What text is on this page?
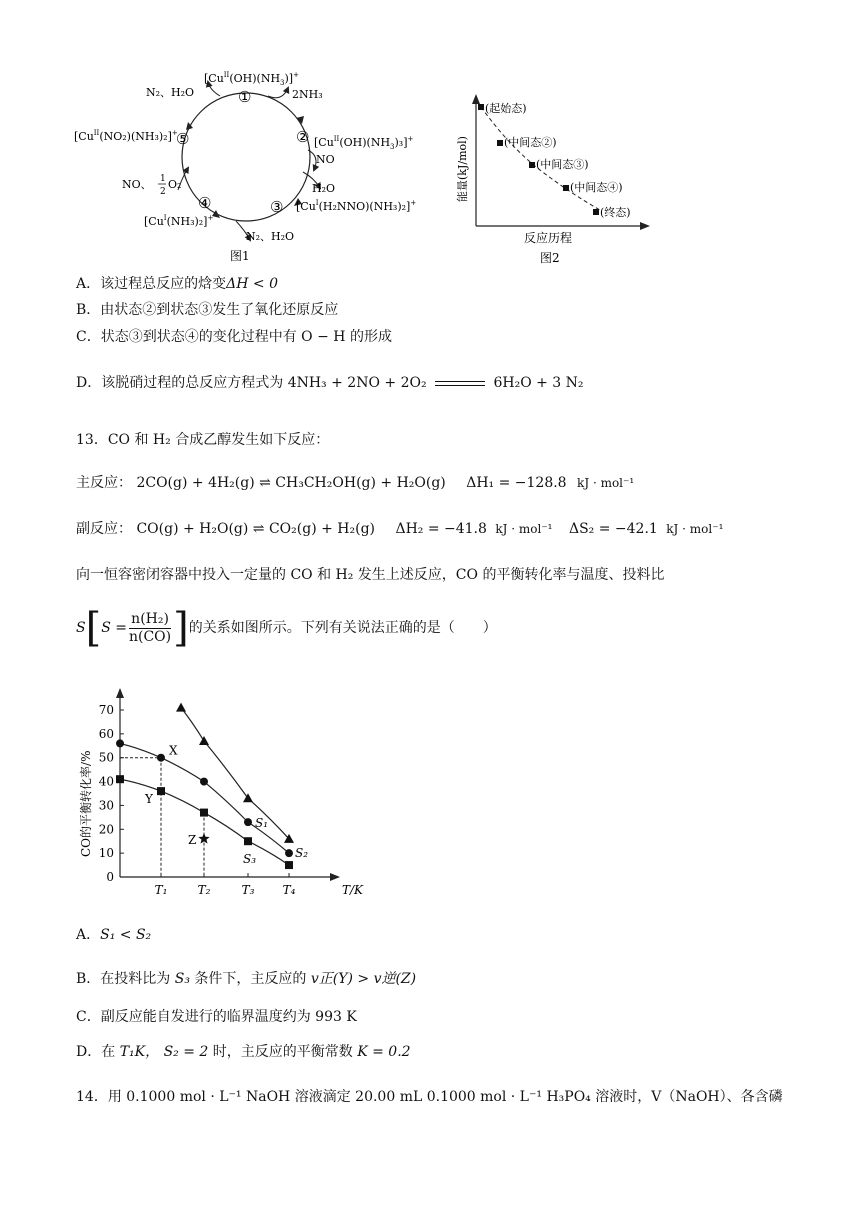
①
②
③
④
⑤
$[Cu^{II}(OH)(NH_3)]^+$
2NH₃
$[Cu^{II}(OH)(NH_3)_3]^+$
NO
H₂O
$[Cu^I(H_2NNO)(NH_3)_2]^+$
N₂、H₂O
$[Cu^I(NH_3)_2]^+$
NO、 1
2
O₂
$[Cu^{II}(NO_2)(NH_3)_2]^+$
N₂、H₂O
图1
(起始态)
(中间态②)
(中间态③)
(中间态④)
(终态)
能量(kJ/mol)
反应历程
图2
A．该过程总反应的焓变ΔH < 0
B．由状态②到状态③发生了氧化还原反应
C．状态③到状态④的变化过程中有 O − H 的形成
D．该脱硝过程的总反应方程式为 4NH₃ + 2NO + 2O₂	6H₂O + 3 N₂
13．CO 和 H₂ 合成乙醇发生如下反应：
主反应： 2CO(g) + 4H₂(g) ⇌ CH₃CH₂OH(g) + H₂O(g) ΔH₁ = −128.8 kJ · mol⁻¹
副反应： CO(g) + H₂O(g) ⇌ CO₂(g) + H₂(g) ΔH₂ = −41.8 kJ · mol⁻¹ ΔS₂ = −42.1 kJ · mol⁻¹
向一恒容密闭容器中投入一定量的 CO 和 H₂ 发生上述反应，CO 的平衡转化率与温度、投料比
$S[S = \frac{\text{n(H₂)}}{n(CO)}$ ]的关系如图所示。下列有关说法正确的是（　　）
0
10
20
30
40
50
60
70
T₁	T₂	T₃ T₄	T/K
CO的平衡转化率/%	S₁
S₂
S₃
X
Y
Z
A．S₁ < S₂
B．在投料比为 S₃ 条件下，主反应的 v正(Y) > v逆(Z)
C．副反应能自发进行的临界温度约为 993 K
D．在 T₁K， S₂ = 2 时，主反应的平衡常数 K = 0.2
14．用 0.1000 mol · L⁻¹ NaOH 溶液滴定 20.00 mL 0.1000 mol · L⁻¹ H₃PO₄ 溶液时，V（NaOH）、各含磷
